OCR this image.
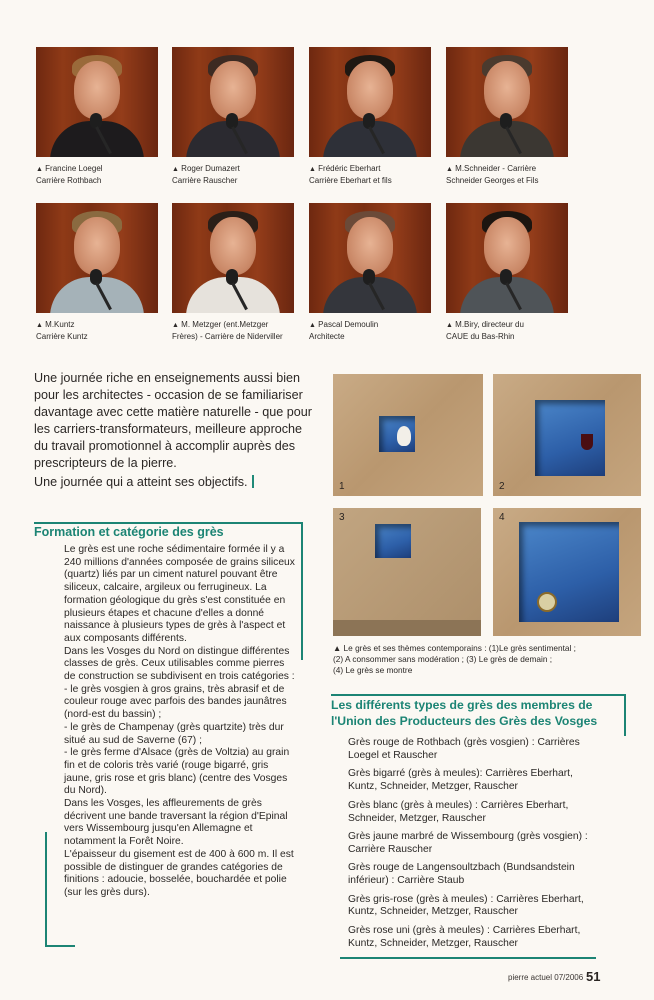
▲ Francine Loegel
Carrière Rothbach
▲ Roger Dumazert
Carrière Rauscher
▲ Frédéric Eberhart
Carrière Eberhart et fils
▲ M.Schneider - Carrière
Schneider Georges et Fils
▲ M.Kuntz
Carrière Kuntz
▲ M. Metzger (ent.Metzger
Frères) - Carrière de Niderviller
▲ Pascal Demoulin
Architecte
▲ M.Biry, directeur du
CAUE du Bas-Rhin

Une journée riche en enseignements aussi bien pour les architectes - occasion de se familiariser davantage avec cette matière naturelle - que pour les carriers-transformateurs, meilleure approche du travail promotionnel à accomplir auprès des prescripteurs de la pierre.

Une journée qui a atteint ses objectifs.

Formation et catégorie des grès

Le grès est une roche sédimentaire formée il y a 240 millions d'années composée de grains siliceux (quartz) liés par un ciment naturel pouvant être siliceux, calcaire, argileux ou ferrugineux. La formation géologique du grès s'est constituée en plusieurs étapes et chacune d'elles a donné naissance à plusieurs types de grès à l'aspect et aux composants différents.

Dans les Vosges du Nord on distingue différentes classes de grès. Ceux utilisables comme pierres de construction se subdivisent en trois catégories :

- le grès vosgien à gros grains, très abrasif et de couleur rouge avec parfois des bandes jaunâtres (nord-est du bassin) ;

- le grès de Champenay (grès quartzite) très dur situé au sud de Saverne (67) ;

- le grès ferme d'Alsace (grès de Voltzia) au grain fin et de coloris très varié (rouge bigarré, gris jaune, gris rose et gris blanc) (centre des Vosges du Nord).

Dans les Vosges, les affleurements de grès décrivent une bande traversant la région d'Epinal vers Wissembourg jusqu'en Allemagne et notamment la Forêt Noire.

L'épaisseur du gisement est de 400 à 600 m. Il est possible de distinguer de grandes catégories de finitions : adoucie, bosselée, bouchardée et polie (sur les grès durs).

1	2
3	4
▲ Le grès et ses thèmes contemporains : (1)Le grès sentimental ;
(2) A consommer sans modération ; (3) Le grès de demain ;
(4) Le grès se montre
Les différents types de grès des membres de
l'Union des Producteurs des Grès des Vosges
Grès rouge de Rothbach (grès vosgien) : Carrières Loegel et Rauscher
Grès bigarré (grès à meules): Carrières Eberhart, Kuntz, Schneider, Metzger, Rauscher
Grès blanc (grès à meules) : Carrières Eberhart, Schneider, Metzger, Rauscher
Grès jaune marbré de Wissembourg (grès vosgien) : Carrière Rauscher
Grès rouge de Langensoultzbach (Bundsandstein inférieur) : Carrière Staub
Grès gris-rose (grès à meules) : Carrières Eberhart, Kuntz, Schneider, Metzger, Rauscher
Grès rose uni (grès à meules) : Carrières Eberhart, Kuntz, Schneider, Metzger, Rauscher
pierre actuel 07/2006 51
